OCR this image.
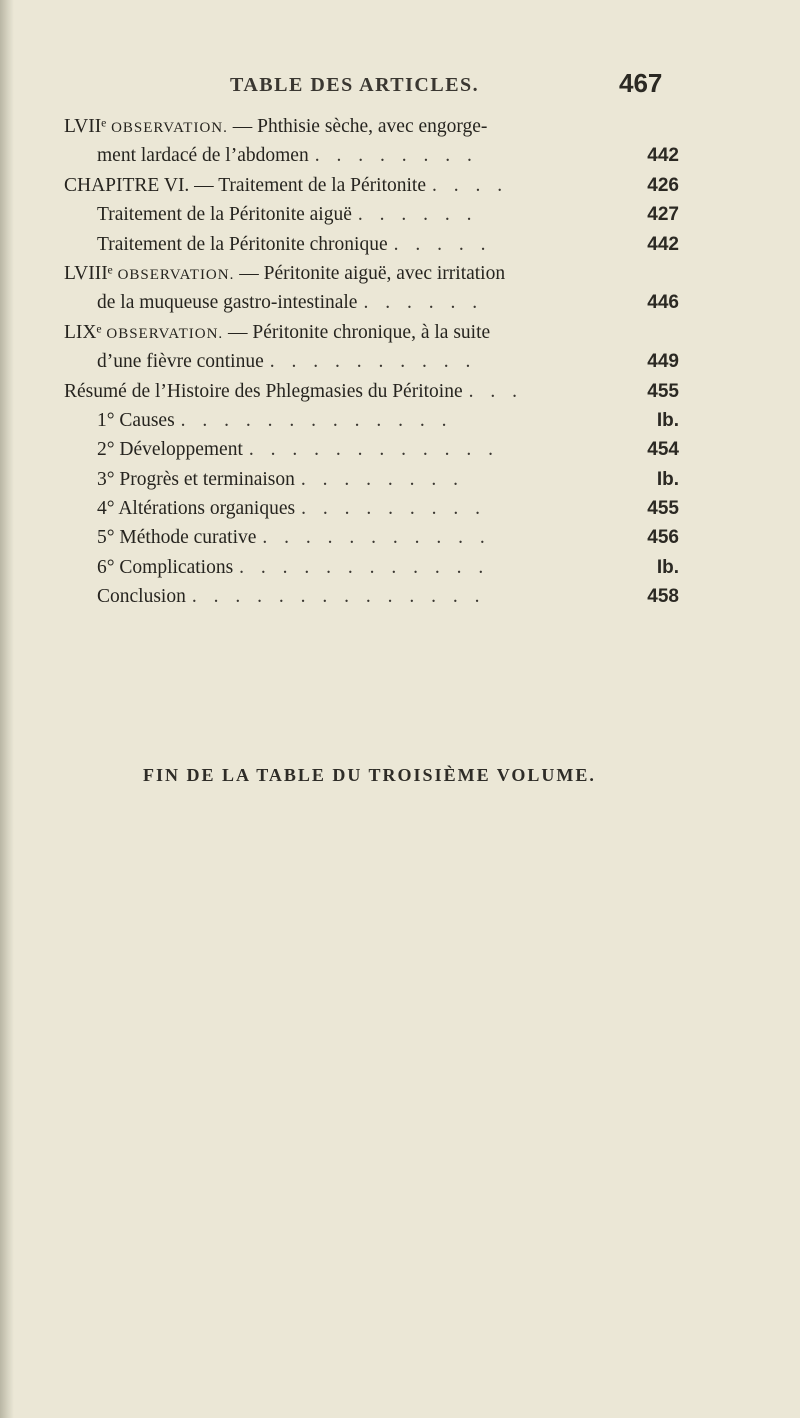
TABLE DES ARTICLES.	467
LVIIᵉ OBSERVATION. — Phthisie sèche, avec engorge-
ment lardacé de l’abdomen . . . . . . . .	442
CHAPITRE VI. — Traitement de la Péritonite . . . .	426
Traitement de la Péritonite aiguë . . . . . .	427
Traitement de la Péritonite chronique . . . . .	442
LVIIIᵉ OBSERVATION. — Péritonite aiguë, avec irritation
de la muqueuse gastro-intestinale . . . . . .	446
LIXᵉ OBSERVATION. — Péritonite chronique, à la suite
d’une fièvre continue . . . . . . . . . .	449
Résumé de l’Histoire des Phlegmasies du Péritoine . . .	455
1° Causes . . . . . . . . . . . . .	Ib.
2° Développement . . . . . . . . . . . .	454
3° Progrès et terminaison . . . . . . . .	Ib.
4° Altérations organiques . . . . . . . . .	455
5° Méthode curative . . . . . . . . . . .	456
6° Complications . . . . . . . . . . . .	Ib.
Conclusion . . . . . . . . . . . . . .	458
FIN DE LA TABLE DU TROISIÈME VOLUME.
